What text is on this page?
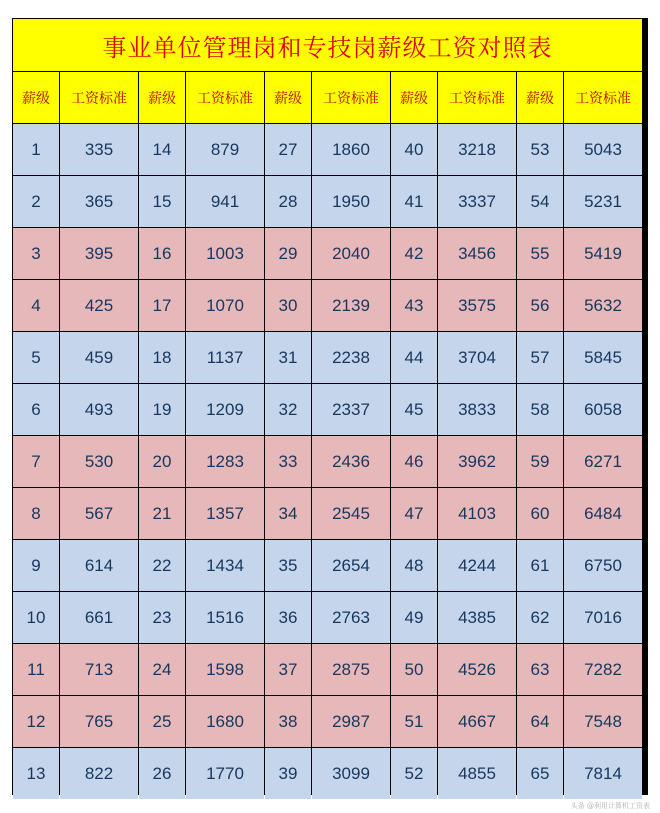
事业单位管理岗和专技岗薪级工资对照表
薪级	工资标准	薪级	工资标准	薪级	工资标准	薪级	工资标准	薪级	工资标准
1	335	14	879	27	1860	40	3218	53	5043
2	365	15	941	28	1950	41	3337	54	5231
3	395	16	1003	29	2040	42	3456	55	5419
4	425	17	1070	30	2139	43	3575	56	5632
5	459	18	1137	31	2238	44	3704	57	5845
6	493	19	1209	32	2337	45	3833	58	6058
7	530	20	1283	33	2436	46	3962	59	6271
8	567	21	1357	34	2545	47	4103	60	6484
9	614	22	1434	35	2654	48	4244	61	6750
10	661	23	1516	36	2763	49	4385	62	7016
11	713	24	1598	37	2875	50	4526	63	7282
12	765	25	1680	38	2987	51	4667	64	7548
13	822	26	1770	39	3099	52	4855	65	7814
头条 @利用计算机工资表
